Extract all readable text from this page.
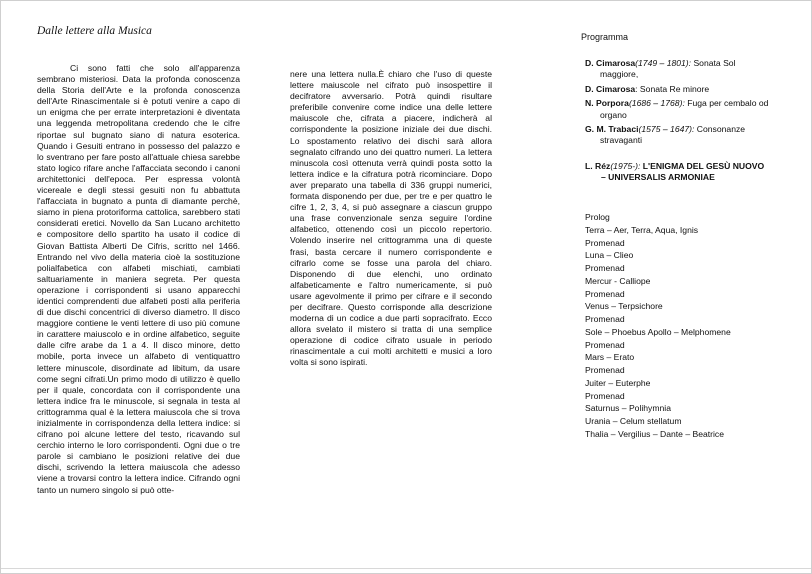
Dalle lettere alla Musica
Ci sono fatti che solo all'apparenza sembrano misteriosi. Data la profonda conoscenza della Storia dell'Arte e la profonda conoscenza dell'Arte Rinascimentale si è potuti venire a capo di un enigma che per errate interpretazioni è diventata una leggenda metropolitana credendo che le cifre riportae sul bugnato siano di natura esoterica. Quando i Gesuiti entrano in possesso del palazzo e lo sventrano per fare posto all'attuale chiesa sarebbe stato logico rifare anche l'affacciata secondo i canoni architettonici dell'epoca. Per espressa volontà vicereale e degli stessi gesuiti non fu abbattuta l'affacciata in bugnato a punta di diamante perchè, siamo in piena protoriforma cattolica, sarebbero stati considerati eretici. Novello da San Lucano architetto e compositore dello spartito ha usato il codice di Giovan Battista Alberti De Cifris, scritto nel 1466. Entrando nel vivo della materia cioè la sostituzione polialfabetica con alfabeti mischiati, cambiati saltuariamente in maniera segreta. Per questa operazione i corrispondenti si usano apparecchi identici comprendenti due alfabeti posti alla periferia di due dischi concentrici di diverso diametro. Il disco maggiore contiene le venti lettere di uso più comune in carattere maiuscolo e in ordine alfabetico, seguite dalle cifre arabe da 1 a 4. Il disco minore, detto mobile, porta invece un alfabeto di ventiquattro lettere minuscole, disordinate ad libitum, da usare come segni cifrati.Un primo modo di utilizzo è quello per il quale, concordata con il corrispondente una lettera indice fra le minuscole, si segnala in testa al crittogramma qual è la lettera maiuscola che si trova inizialmente in corrispondenza della lettera indice: si cifrano poi alcune lettere del testo, ricavando sul cerchio interno le loro corrispondenti. Ogni due o tre parole si cambiano le posizioni relative dei due dischi, scrivendo la lettera maiuscola che adesso viene a trovarsi contro la lettera indice. Cifrando ogni tanto un numero singolo si può otte-
nere una lettera nulla.È chiaro che l'uso di queste lettere maiuscole nel cifrato può insospettire il decifratore avversario. Potrà quindi risultare preferibile convenire come indice una delle lettere maiuscole che, cifrata a piacere, indicherà al corrispondente la posizione iniziale dei due dischi. Lo spostamento relativo dei dischi sarà allora segnalato cifrando uno dei quattro numeri. La lettera minuscola così ottenuta verrà quindi posta sotto la lettera indice e la cifratura potrà ricominciare. Dopo aver preparato una tabella di 336 gruppi numerici, formata disponendo per due, per tre e per quattro le cifre 1, 2, 3, 4, si può assegnare a ciascun gruppo una frase convenzionale senza seguire l'ordine alfabetico, ottenendo così un piccolo repertorio. Volendo inserire nel crittogramma una di queste frasi, basta cercare il numero corrispondente e cifrarlo come se fosse una parola del chiaro. Disponendo di due elenchi, uno ordinato alfabeticamente e l'altro numericamente, si può usare agevolmente il primo per cifrare e il secondo per decifrare. Questo corrisponde alla descrizione moderna di un codice a due parti sopracifrato. Ecco allora svelato il mistero si tratta di una semplice operazione di codice cifrato usuale in periodo rinascimentale a cui molti architetti e musici a loro volta si sono ispirati.
Programma
D. Cimarosa(1749 – 1801): Sonata Sol
maggiore,
D. Cimarosa: Sonata Re minore
N. Porpora(1686 – 1768): Fuga per cembalo od
organo
G. M. Trabaci(1575 – 1647): Consonanze
stravaganti
L. Réz(1975-): L'ENIGMA DEL GESÙ NUOVO
– UNIVERSALIS ARMONIAE
Prolog
Terra – Aer, Terra, Aqua, Ignis
Promenad
Luna – Clieo
Promenad
Mercur - Calliope
Promenad
Venus – Terpsichore
Promenad
Sole – Phoebus Apollo – Melphomene
Promenad
Mars – Erato
Promenad
Juiter – Euterphe
Promenad
Saturnus – Polihymnia
Urania – Celum stellatum
Thalia – Vergilius – Dante – Beatrice
